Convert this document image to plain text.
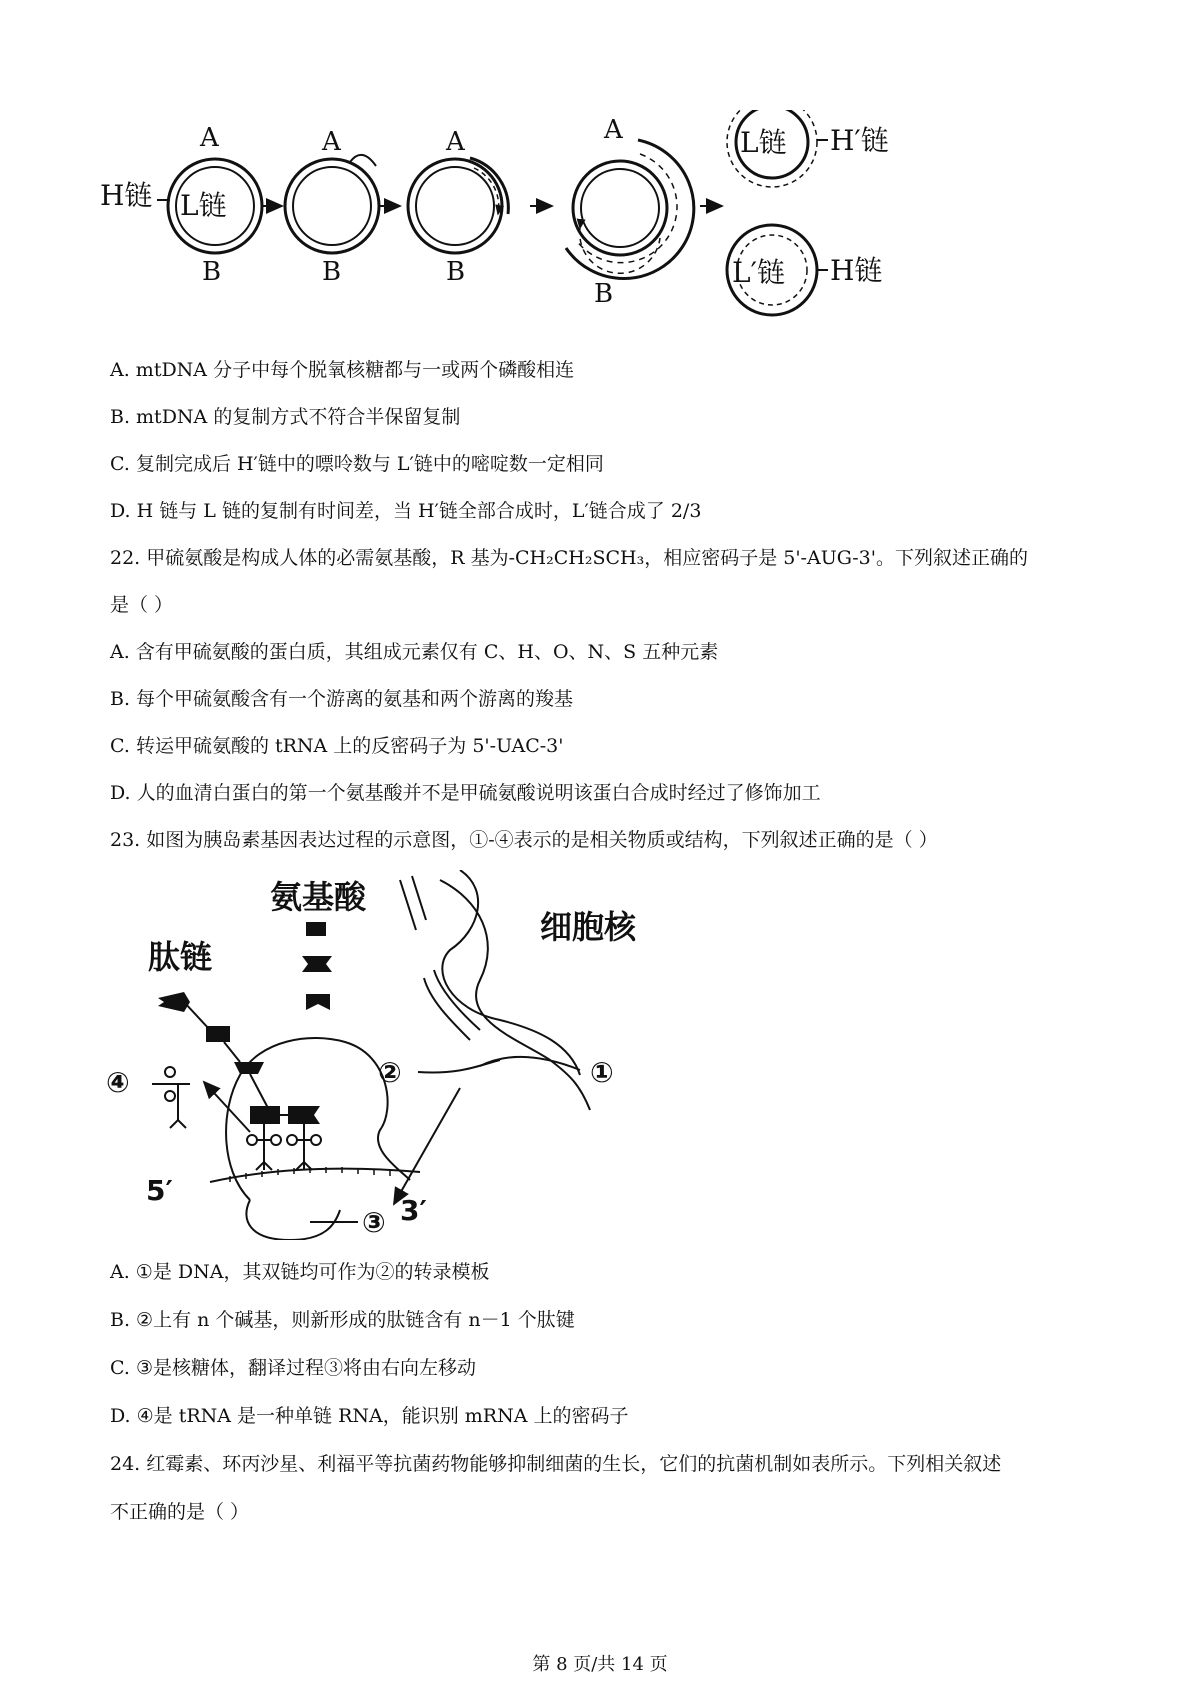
A
B
H链 L链
A
B
A
B
A
B
L链 H′链
L′链 H链
A. mtDNA 分子中每个脱氧核糖都与一或两个磷酸相连
B. mtDNA 的复制方式不符合半保留复制
C. 复制完成后 H′链中的嘌呤数与 L′链中的嘧啶数一定相同
D. H 链与 L 链的复制有时间差，当 H′链全部合成时，L′链合成了 2/3
22. 甲硫氨酸是构成人体的必需氨基酸，R 基为-CH₂CH₂SCH₃，相应密码子是 5'-AUG-3'。下列叙述正确的
是（ ）
A. 含有甲硫氨酸的蛋白质，其组成元素仅有 C、H、O、N、S 五种元素
B. 每个甲硫氨酸含有一个游离的氨基和两个游离的羧基
C. 转运甲硫氨酸的 tRNA 上的反密码子为 5'-UAC-3'
D. 人的血清白蛋白的第一个氨基酸并不是甲硫氨酸说明该蛋白合成时经过了修饰加工
23. 如图为胰岛素基因表达过程的示意图，①-④表示的是相关物质或结构，下列叙述正确的是（ ）
氨基酸
细胞核
肽链
④
5′
3′
③
②	①
A. ①是 DNA，其双链均可作为②的转录模板
B. ②上有 n 个碱基，则新形成的肽链含有 n－1 个肽键
C. ③是核糖体，翻译过程③将由右向左移动
D. ④是 tRNA 是一种单链 RNA，能识别 mRNA 上的密码子
24. 红霉素、环丙沙星、利福平等抗菌药物能够抑制细菌的生长，它们的抗菌机制如表所示。下列相关叙述
不正确的是（ ）
第 8 页/共 14 页
